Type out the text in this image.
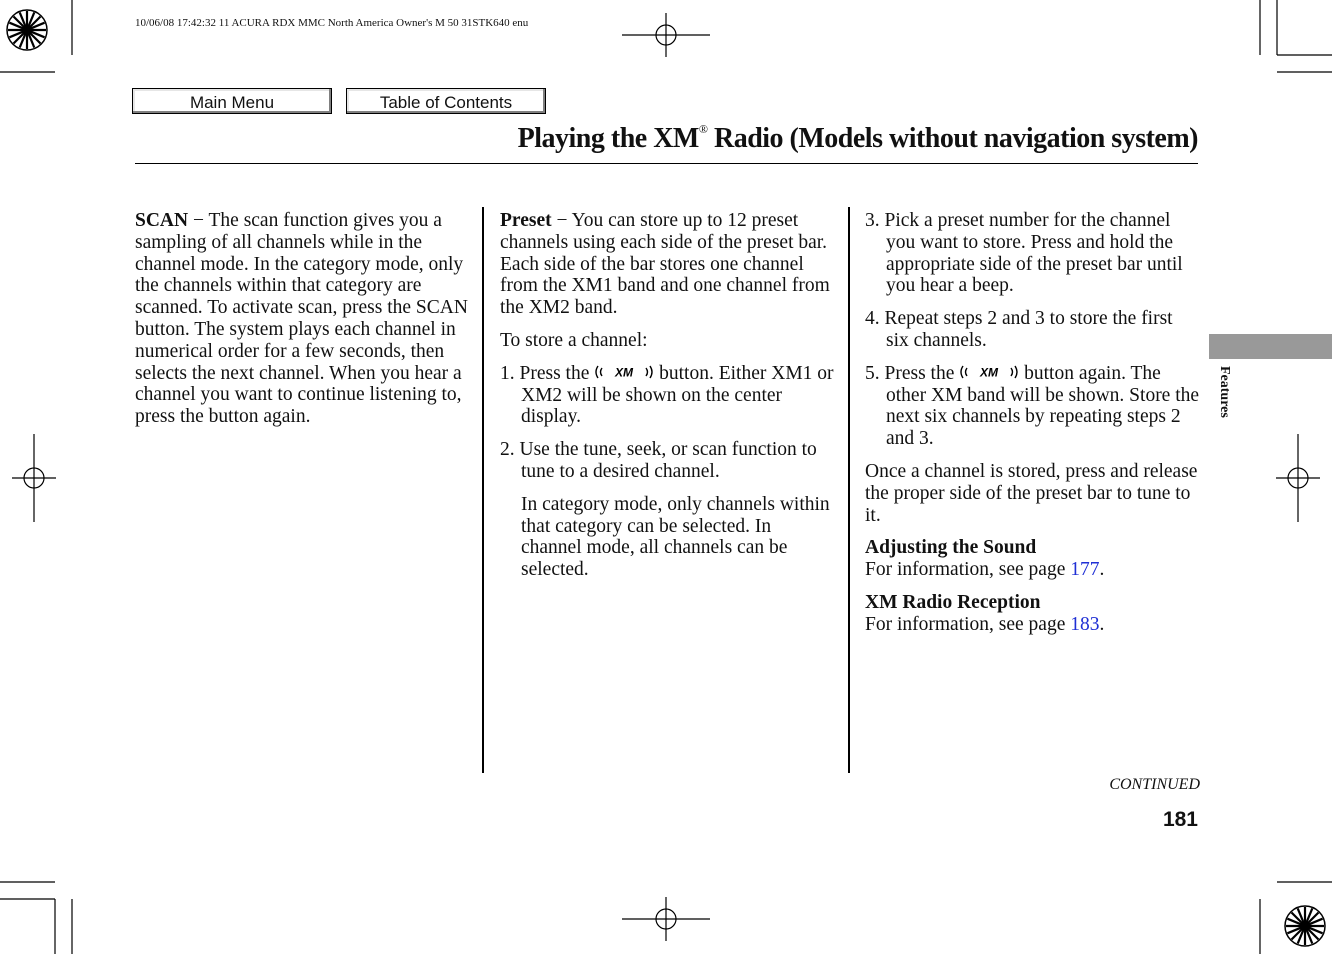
10/06/08 17:42:32 11 ACURA RDX MMC North America Owner's M 50 31STK640 enu
Main Menu	Table of Contents
Playing the XM® Radio (Models without navigation system)

SCAN − The scan function gives you a sampling of all channels while in the channel mode. In the category mode, only the channels within that category are scanned. To activate scan, press the SCAN button. The system plays each channel in numerical order for a few seconds, then selects the next channel. When you hear a channel you want to continue listening to, press the button again.

Preset − You can store up to 12 preset channels using each side of the preset bar. Each side of the bar stores one channel from the XM1 band and one channel from the XM2 band.

To store a channel:

1. Press the XM button. Either XM1 or XM2 will be shown on the center display.
2. Use the tune, seek, or scan function to tune to a desired channel.
In category mode, only channels within that category can be selected. In channel mode, all channels can be selected.
3. Pick a preset number for the channel you want to store. Press and hold the appropriate side of the preset bar until you hear a beep.
4. Repeat steps 2 and 3 to store the first six channels.
5. Press the XM button again. The other XM band will be shown. Store the next six channels by repeating steps 2 and 3.

Once a channel is stored, press and release the proper side of the preset bar to tune to it.

Adjusting the Sound
For information, see page 177.

XM Radio Reception
For information, see page 183.

Features
CONTINUED
181
